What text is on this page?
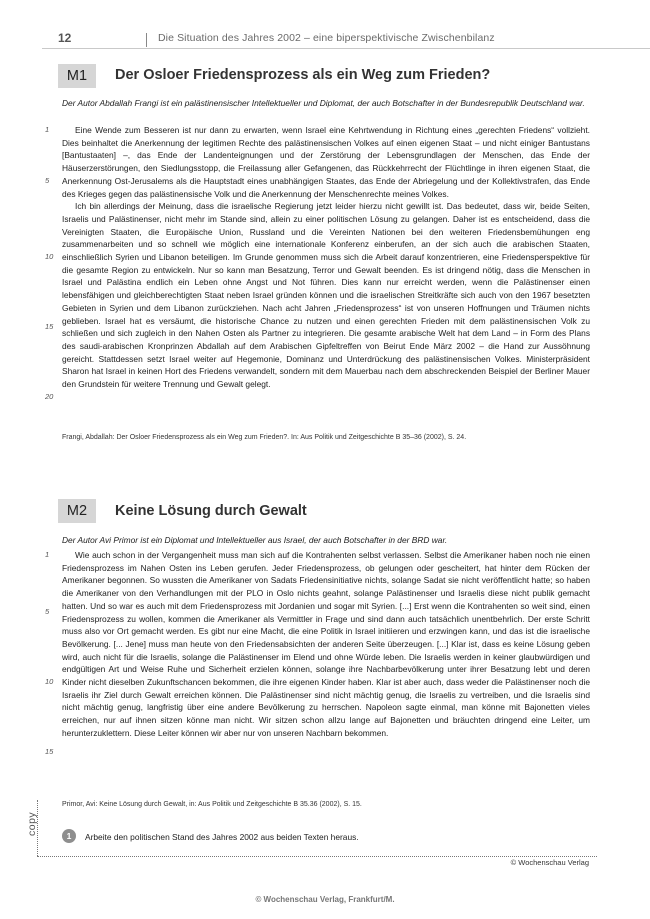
12	Die Situation des Jahres 2002 – eine biperspektivische Zwischenbilanz
M1 Der Osloer Friedensprozess als ein Weg zum Frieden?
Der Autor Abdallah Frangi ist ein palästinensischer Intellektueller und Diplomat, der auch Botschafter in der Bundesrepublik Deutschland war.
1
5
10
15
20

Eine Wende zum Besseren ist nur dann zu erwarten, wenn Israel eine Kehrtwendung in Richtung eines „gerechten Friedens“ vollzieht. Dies beinhaltet die Anerkennung der legitimen Rechte des palästinensischen Volkes auf einen eigenen Staat – und nicht einiger Bantustans [Bantustaaten] –, das Ende der Landenteignungen und der Zerstörung der Lebensgrundlagen der Menschen, das Ende der Häuserzerstörungen, den Siedlungsstopp, die Freilassung aller Gefangenen, das Rückkehrrecht der Flüchtlinge in ihren eigenen Staat, die Anerkennung Ost-Jerusalems als die Hauptstadt eines unabhängigen Staates, das Ende der Abriegelung und der Kollektivstrafen, das Ende des Krieges gegen das palästinensische Volk und die Anerkennung der Menschenrechte meines Volkes.

Ich bin allerdings der Meinung, dass die israelische Regierung jetzt leider hierzu nicht gewillt ist. Das bedeutet, dass wir, beide Seiten, Israelis und Palästinenser, nicht mehr im Stande sind, allein zu einer politischen Lösung zu gelangen. Daher ist es entscheidend, dass die Vereinigten Staaten, die Europäische Union, Russland und die Vereinten Nationen bei den weiteren Friedensbemühungen eng zusammenarbeiten und so schnell wie möglich eine internationale Konferenz einberufen, an der sich auch die arabischen Staaten, einschließlich Syrien und Libanon beteiligen. Im Grunde genommen muss sich die Arbeit darauf konzentrieren, eine Friedensperspektive für die gesamte Region zu entwickeln. Nur so kann man Besatzung, Terror und Gewalt beenden. Es ist dringend nötig, dass die Menschen in Israel und Palästina endlich ein Leben ohne Angst und Not führen. Dies kann nur erreicht werden, wenn die Palästinenser einen lebensfähigen und gleichberechtigten Staat neben Israel gründen können und die israelischen Streitkräfte sich auch von den 1967 besetzten Gebieten in Syrien und dem Libanon zurückziehen. Nach acht Jahren „Friedensprozess“ ist von unseren Hoffnungen und Träumen nichts geblieben. Israel hat es versäumt, die historische Chance zu nutzen und einen gerechten Frieden mit dem palästinensischen Volk zu schließen und sich zugleich in den Nahen Osten als Partner zu integrieren. Die gesamte arabische Welt hat dem Land – in Form des Plans des saudi-arabischen Kronprinzen Abdallah auf dem Arabischen Gipfeltreffen von Beirut Ende März 2002 – die Hand zur Aussöhnung gereicht. Stattdessen setzt Israel weiter auf Hegemonie, Dominanz und Unterdrückung des palästinensischen Volkes. Ministerpräsident Sharon hat Israel in keinen Hort des Friedens verwandelt, sondern mit dem Mauerbau nach dem abschreckenden Beispiel der Berliner Mauer den Grundstein für weitere Trennung und Gewalt gelegt.

Frangi, Abdallah: Der Osloer Friedensprozess als ein Weg zum Frieden?. In: Aus Politik und Zeitgeschichte B 35–36 (2002), S. 24.
M2 Keine Lösung durch Gewalt
Der Autor Avi Primor ist ein Diplomat und Intellektueller aus Israel, der auch Botschafter in der BRD war.
1
5
10
15

Wie auch schon in der Vergangenheit muss man sich auf die Kontrahenten selbst verlassen. Selbst die Amerikaner haben noch nie einen Friedensprozess im Nahen Osten ins Leben gerufen. Jeder Friedensprozess, ob gelungen oder gescheitert, hat hinter dem Rücken der Amerikaner begonnen. So wussten die Amerikaner von Sadats Friedensinitiative nichts, solange Sadat sie nicht veröffentlicht hatte; so haben die Amerikaner von den Verhandlungen mit der PLO in Oslo nichts geahnt, solange Palästinenser und Israelis diese nicht publik gemacht hatten. Und so war es auch mit dem Friedensprozess mit Jordanien und sogar mit Syrien. [...] Erst wenn die Kontrahenten so weit sind, einen Friedensprozess zu wollen, kommen die Amerikaner als Vermittler in Frage und sind dann auch tatsächlich unentbehrlich. Der erste Schritt muss also vor Ort gemacht werden. Es gibt nur eine Macht, die eine Politik in Israel initiieren und erzwingen kann, und das ist die israelische Bevölkerung. [... Jene] muss man heute von den Friedensabsichten der anderen Seite überzeugen. [...] Klar ist, dass es keine Lösung geben wird, auch nicht für die Israelis, solange die Palästinenser im Elend und ohne Würde leben. Die Israelis werden in keiner glaubwürdigen und endgültigen Art und Weise Ruhe und Sicherheit erzielen können, solange ihre Nachbarbevölkerung unter ihrer Besatzung lebt und deren Kinder nicht dieselben Zukunftschancen bekommen, die ihre eigenen Kinder haben. Klar ist aber auch, dass weder die Palästinenser noch die Israelis ihr Ziel durch Gewalt erreichen können. Die Palästinenser sind nicht mächtig genug, die Israelis zu vertreiben, und die Israelis sind nicht mächtig genug, langfristig über eine andere Bevölkerung zu herrschen. Napoleon sagte einmal, man könne mit Bajonetten vieles erreichen, nur auf ihnen sitzen könne man nicht. Wir sitzen schon allzu lange auf Bajonetten und bräuchten dringend eine Leiter, um herunterzuklettern. Diese Leiter können wir aber nur von unseren Nachbarn bekommen.

Primor, Avi: Keine Lösung durch Gewalt, in: Aus Politik und Zeitgeschichte B 35.36 (2002), S. 15.
copy	1 Arbeite den politischen Stand des Jahres 2002 aus beiden Texten heraus.
© Wochenschau Verlag
© Wochenschau Verlag, Frankfurt/M.
